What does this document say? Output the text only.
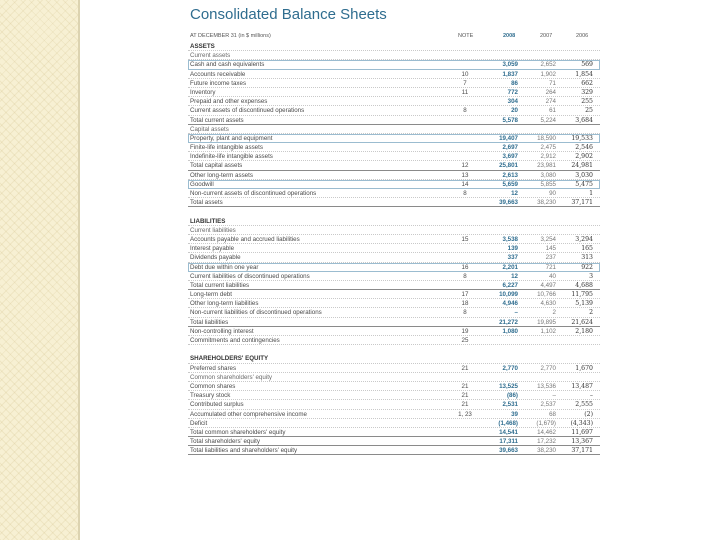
Consolidated Balance Sheets
AT DECEMBER 31 (in $ millions)	NOTE	2008	2007	2006
ASSETS
Current assets
Cash and cash equivalents	3,059	2,652	569
Accounts receivable	10	1,837	1,902	1,854
Future income taxes	7	86	71	662
Inventory	11	772	264	329
Prepaid and other expenses	304	274	255
Current assets of discontinued operations	8	20	61	25
Total current assets	5,578	5,224	3,684
Capital assets
Property, plant and equipment	19,407	18,590	19,533
Finite-life intangible assets	2,697	2,475	2,546
Indefinite-life intangible assets	3,697	2,912	2,902
Total capital assets	12	25,801	23,981	24,981
Other long-term assets	13	2,613	3,080	3,030
Goodwill	14	5,659	5,855	5,475
Non-current assets of discontinued operations	8	12	90	1
Total assets	39,663	38,230	37,171
LIABILITIES
Current liabilities
Accounts payable and accrued liabilities	15	3,538	3,254	3,294
Interest payable	139	145	165
Dividends payable	337	237	313
Debt due within one year	16	2,201	721	922
Current liabilities of discontinued operations	8	12	40	3
Total current liabilities	6,227	4,497	4,688
Long-term debt	17	10,099	10,766	11,795
Other long-term liabilities	18	4,946	4,630	5,139
Non-current liabilities of discontinued operations	8	–	2	2
Total liabilities	21,272	19,895	21,624
Non-controlling interest	19	1,080	1,102	2,180
Commitments and contingencies	25
SHAREHOLDERS' EQUITY
Preferred shares	21	2,770	2,770	1,670
Common shareholders' equity
Common shares	21	13,525	13,536	13,487
Treasury stock	21	(86)	–	–
Contributed surplus	21	2,531	2,537	2,555
Accumulated other comprehensive income	1, 23	39	68	(2)
Deficit	(1,468)	(1,679)	(4,343)
Total common shareholders' equity	14,541	14,462	11,697
Total shareholders' equity	17,311	17,232	13,367
Total liabilities and shareholders' equity	39,663	38,230	37,171
